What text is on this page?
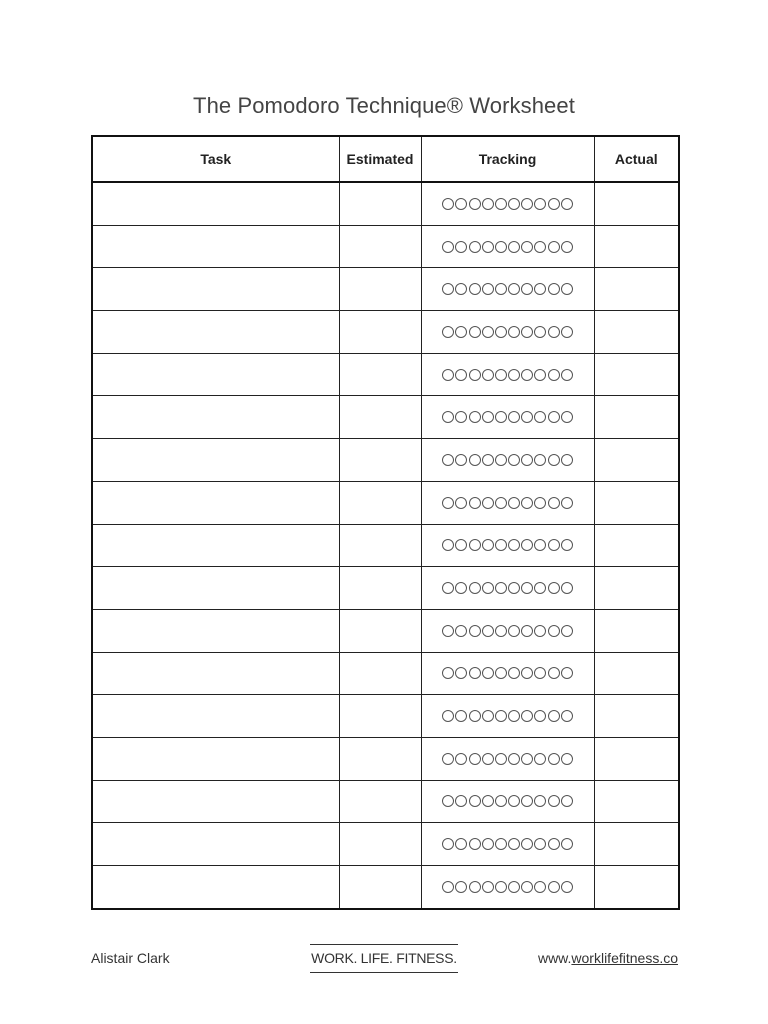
The Pomodoro Technique® Worksheet
Task	Estimated	Tracking	Actual

Alistair Clark	WORK. LIFE. FITNESS.	www.worklifefitness.co
